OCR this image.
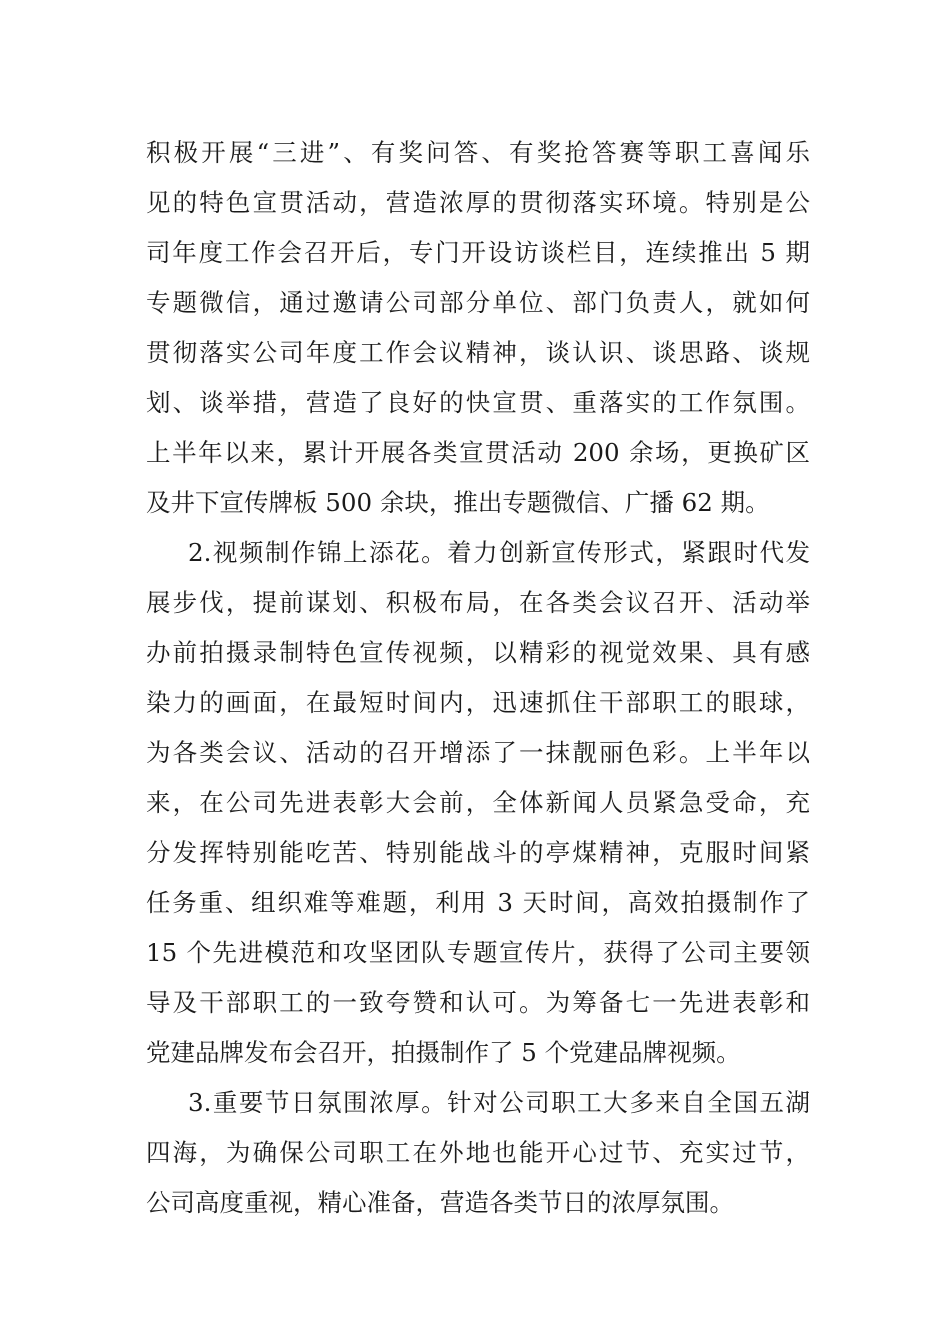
积极开展“三进”、有奖问答、有奖抢答赛等职工喜闻乐
见的特色宣贯活动，营造浓厚的贯彻落实环境。特别是公
司年度工作会召开后，专门开设访谈栏目，连续推出 5 期
专题微信，通过邀请公司部分单位、部门负责人，就如何
贯彻落实公司年度工作会议精神，谈认识、谈思路、谈规
划、谈举措，营造了良好的快宣贯、重落实的工作氛围。
上半年以来，累计开展各类宣贯活动 200 余场，更换矿区
及井下宣传牌板 500 余块，推出专题微信、广播 62 期。
2.视频制作锦上添花。着力创新宣传形式，紧跟时代发
展步伐，提前谋划、积极布局，在各类会议召开、活动举
办前拍摄录制特色宣传视频，以精彩的视觉效果、具有感
染力的画面，在最短时间内，迅速抓住干部职工的眼球，
为各类会议、活动的召开增添了一抹靓丽色彩。上半年以
来，在公司先进表彰大会前，全体新闻人员紧急受命，充
分发挥特别能吃苦、特别能战斗的亭煤精神，克服时间紧
任务重、组织难等难题，利用 3 天时间，高效拍摄制作了
15 个先进模范和攻坚团队专题宣传片，获得了公司主要领
导及干部职工的一致夸赞和认可。为筹备七一先进表彰和
党建品牌发布会召开，拍摄制作了 5 个党建品牌视频。
3.重要节日氛围浓厚。针对公司职工大多来自全国五湖
四海，为确保公司职工在外地也能开心过节、充实过节，
公司高度重视，精心准备，营造各类节日的浓厚氛围。
